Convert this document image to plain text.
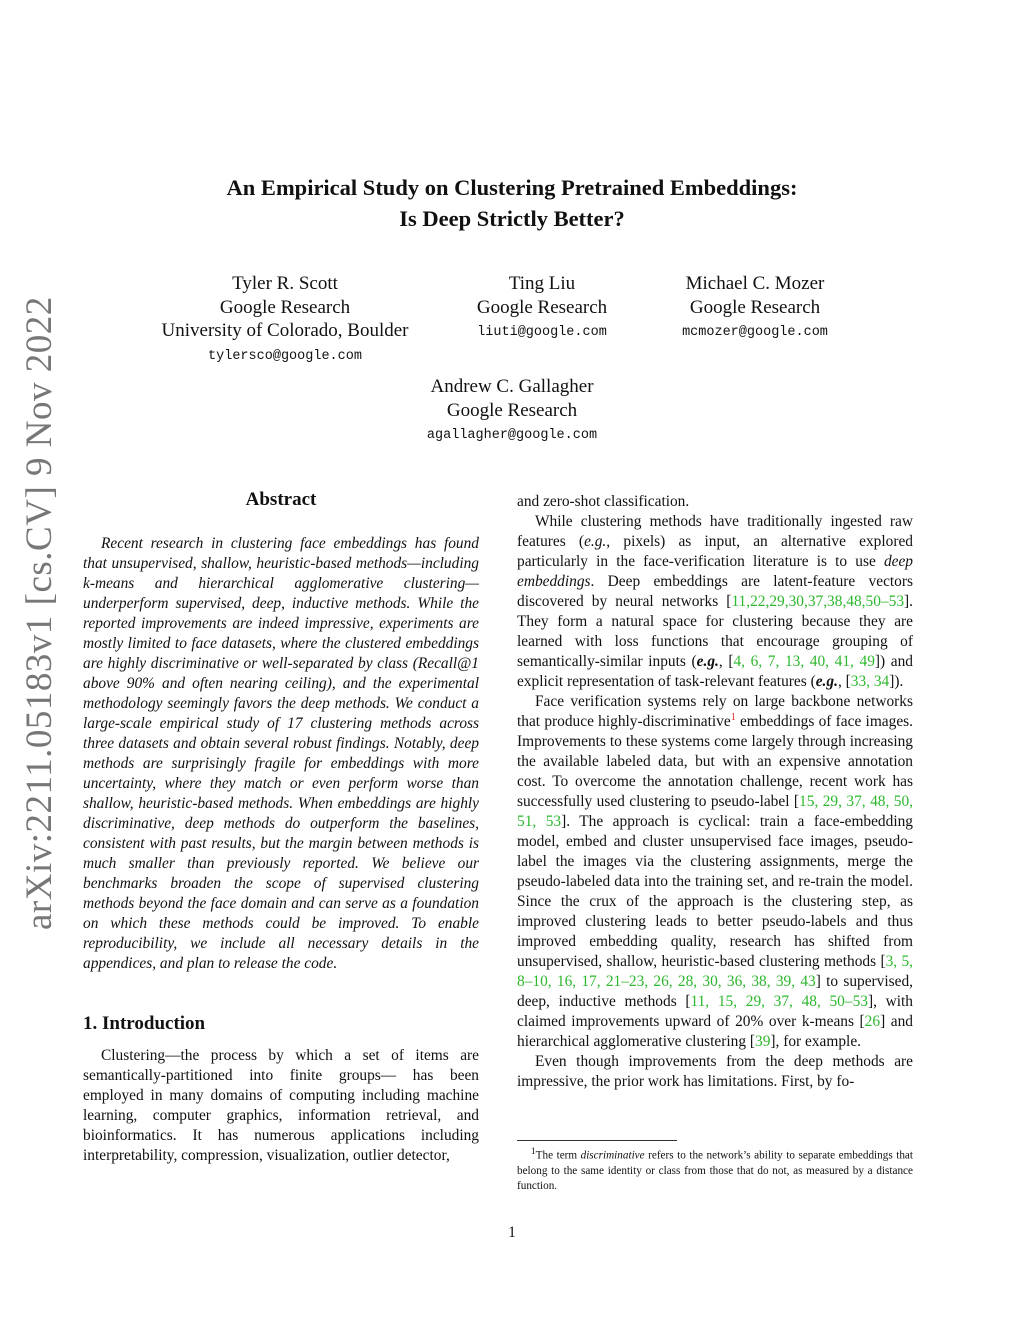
arXiv:2211.05183v1 [cs.CV] 9 Nov 2022
An Empirical Study on Clustering Pretrained Embeddings:
Is Deep Strictly Better?
Tyler R. Scott
Google Research
University of Colorado, Boulder
tylersco@google.com
Ting Liu
Google Research
liuti@google.com
Michael C. Mozer
Google Research
mcmozer@google.com
Andrew C. Gallagher
Google Research
agallagher@google.com
Abstract

Recent research in clustering face embeddings has found that unsupervised, shallow, heuristic-based methods—including k-means and hierarchical agglomerative clustering—underperform supervised, deep, inductive methods. While the reported improvements are indeed impressive, experiments are mostly limited to face datasets, where the clustered embeddings are highly discriminative or well-separated by class (Recall@1 above 90% and often nearing ceiling), and the experimental methodology seemingly favors the deep methods. We conduct a large-scale empirical study of 17 clustering methods across three datasets and obtain several robust findings. Notably, deep methods are surprisingly fragile for embeddings with more uncertainty, where they match or even perform worse than shallow, heuristic-based methods. When embeddings are highly discriminative, deep methods do outperform the baselines, consistent with past results, but the margin between methods is much smaller than previously reported. We believe our benchmarks broaden the scope of supervised clustering methods beyond the face domain and can serve as a foundation on which these methods could be improved. To enable reproducibility, we include all necessary details in the appendices, and plan to release the code.

1. Introduction

Clustering—the process by which a set of items are semantically-partitioned into finite groups— has been employed in many domains of computing including machine learning, computer graphics, information retrieval, and bioinformatics. It has numerous applications including interpretability, compression, visualization, outlier detector,

and zero-shot classification.

While clustering methods have traditionally ingested raw features (e.g., pixels) as input, an alternative explored particularly in the face-verification literature is to use deep embeddings. Deep embeddings are latent-feature vectors discovered by neural networks [11,22,29,30,37,38,48,50–53]. They form a natural space for clustering because they are learned with loss functions that encourage grouping of semantically-similar inputs (e.g., [4, 6, 7, 13, 40, 41, 49]) and explicit representation of task-relevant features (e.g., [33, 34]).

Face verification systems rely on large backbone networks that produce highly-discriminative$^1$ embeddings of face images. Improvements to these systems come largely through increasing the available labeled data, but with an expensive annotation cost. To overcome the annotation challenge, recent work has successfully used clustering to pseudo-label [15, 29, 37, 48, 50, 51, 53]. The approach is cyclical: train a face-embedding model, embed and cluster unsupervised face images, pseudo-label the images via the clustering assignments, merge the pseudo-labeled data into the training set, and re-train the model. Since the crux of the approach is the clustering step, as improved clustering leads to better pseudo-labels and thus improved embedding quality, research has shifted from unsupervised, shallow, heuristic-based clustering methods [3, 5, 8–10, 16, 17, 21–23, 26, 28, 30, 36, 38, 39, 43] to supervised, deep, inductive methods [11, 15, 29, 37, 48, 50–53], with claimed improvements upward of 20% over k-means [26] and hierarchical agglomerative clustering [39], for example.

Even though improvements from the deep methods are impressive, the prior work has limitations. First, by fo-

$^1$The term discriminative refers to the network’s ability to separate embeddings that belong to the same identity or class from those that do not, as measured by a distance function.

1
